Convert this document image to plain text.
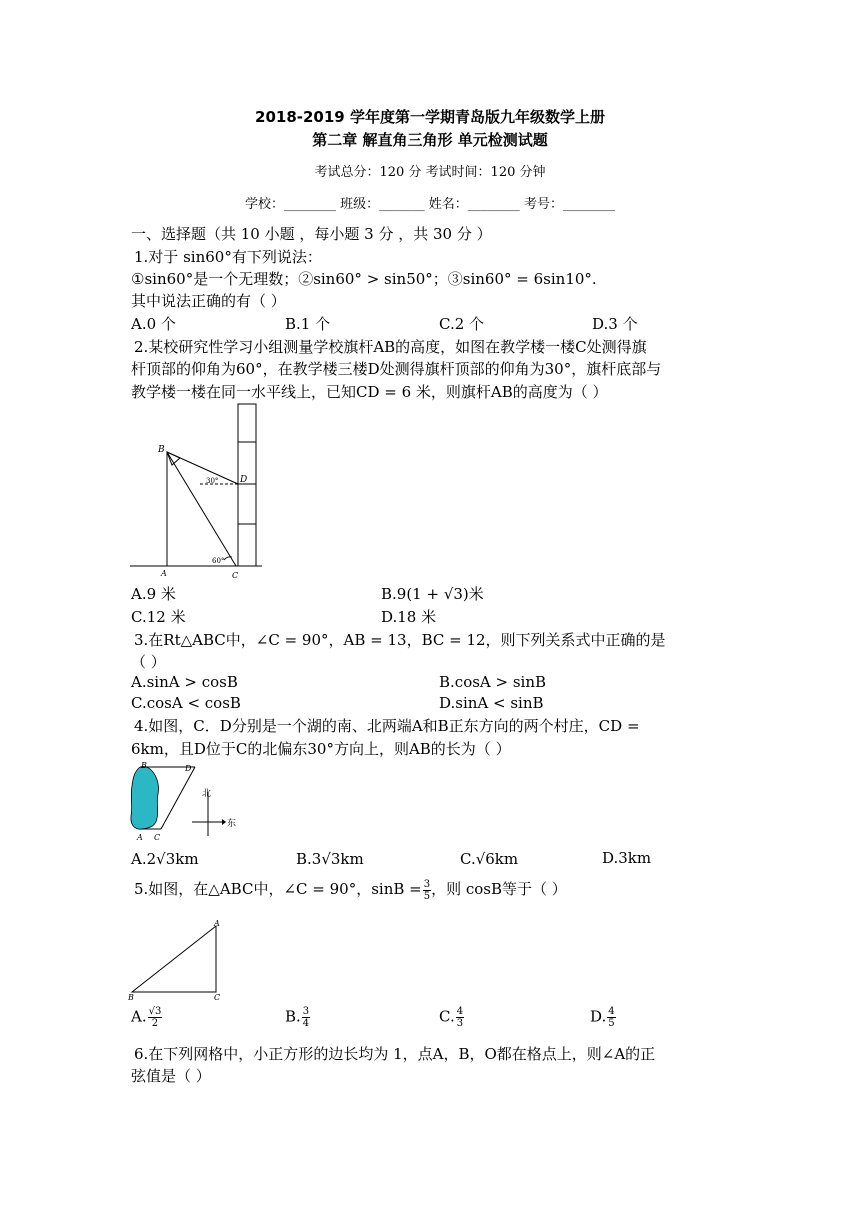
2018-2019 学年度第一学期青岛版九年级数学上册
第二章 解直角三角形 单元检测试题
考试总分：120 分 考试时间：120 分钟
学校：________ 班级：_______ 姓名：________ 考号：________
一、选择题（共 10 小题 ，每小题 3 分 ，共 30 分 ）
1.对于 sin60°有下列说法：
①sin60°是一个无理数；②sin60° > sin50°；③sin60° = 6sin10°.
其中说法正确的有（ ）
A.0 个	B.1 个	C.2 个	D.3 个
2.某校研究性学习小组测量学校旗杆AB的高度，如图在教学楼一楼C处测得旗
杆顶部的仰角为60°，在教学楼三楼D处测得旗杆顶部的仰角为30°，旗杆底部与
教学楼一楼在同一水平线上，已知CD = 6 米，则旗杆AB的高度为（ ）
B
D
30°
60°
A	C
A.9 米	B.9(1 + √3)米
C.12 米	D.18 米
3.在Rt△ABC中，∠C = 90°，AB = 13，BC = 12，则下列关系式中正确的是
（ ）
A.sinA > cosB	B.cosA > sinB
C.cosA < cosB	D.sinA < sinB
4.如图，C．D分别是一个湖的南、北两端A和B正东方向的两个村庄，CD =
6km，且D位于C的北偏东30°方向上，则AB的长为（ ）
B	D
A C
北
东
A.2√3km	B.3√3km	C.√6km	D.3km
5.如图，在△ABC中，∠C = 90°，$\sin B = \frac{3}{5}$ ，则 cosB等于（ ）
A
B	C
A. $\frac{√3}{2}$	B. $\frac{3}{4}$	C. $\frac{4}{3}$	D. $\frac{4}{5}$
6.在下列网格中，小正方形的边长均为 1，点A，B，O都在格点上，则∠A的正
弦值是（ ）
